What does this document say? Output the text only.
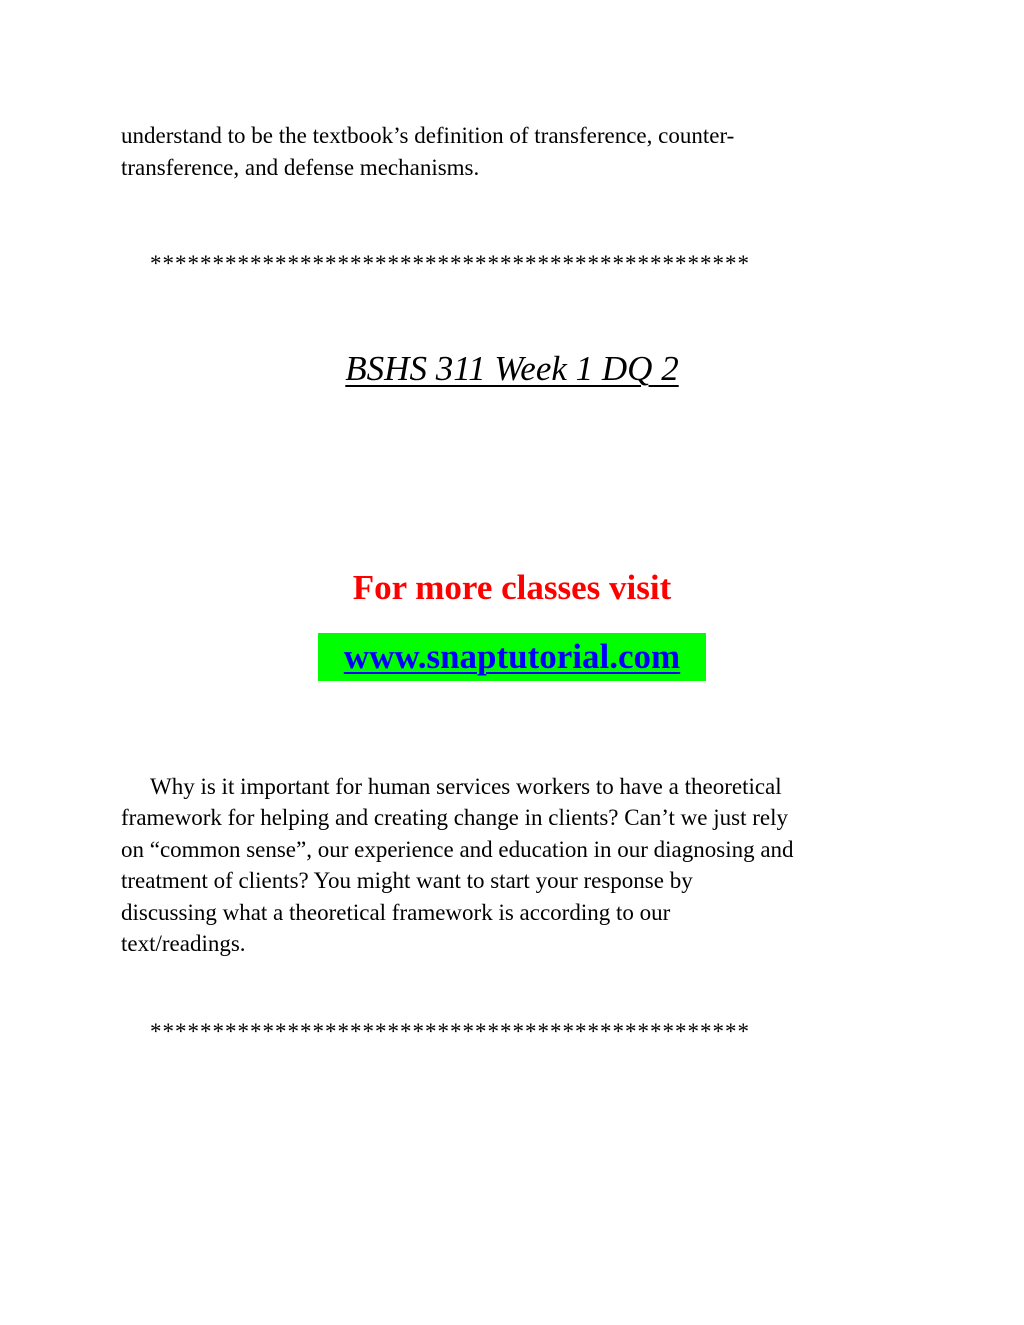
understand to be the textbook’s definition of transference, counter-
transference, and defense mechanisms.
************************************************
BSHS 311 Week 1 DQ 2
For more classes visit
www.snaptutorial.com
Why is it important for human services workers to have a theoretical
framework for helping and creating change in clients? Can’t we just rely
on “common sense”, our experience and education in our diagnosing and
treatment of clients? You might want to start your response by
discussing what a theoretical framework is according to our
text/readings.
************************************************
